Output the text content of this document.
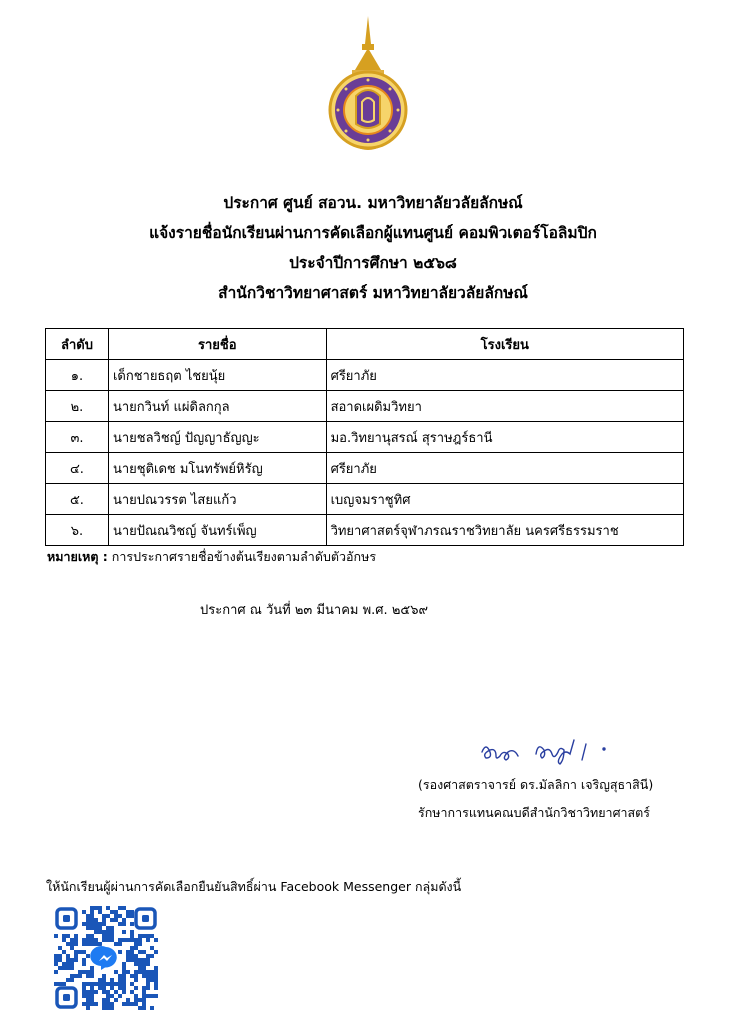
ประกาศ ศูนย์ สอวน. มหาวิทยาลัยวลัยลักษณ์
แจ้งรายชื่อนักเรียนผ่านการคัดเลือกผู้แทนศูนย์ คอมพิวเตอร์โอลิมปิก
ประจำปีการศึกษา ๒๕๖๘
สำนักวิชาวิทยาศาสตร์ มหาวิทยาลัยวลัยลักษณ์
ลำดับ	รายชื่อ	โรงเรียน
๑.	เด็กชายธฤต ไชยนุ้ย	ศรียาภัย
๒.	นายกวินท์ แผ่ดิลกกุล	สอาดเผดิมวิทยา
๓.	นายชลวิชญ์ ปัญญาธัญญะ	มอ.วิทยานุสรณ์ สุราษฎร์ธานี
๔.	นายชุติเดช มโนทรัพย์หิรัญ	ศรียาภัย
๕.	นายปณวรรต ไสยแก้ว	เบญจมราชูทิศ
๖.	นายปัณณวิชญ์ จันทร์เพ็ญ	วิทยาศาสตร์จุฬาภรณราชวิทยาลัย นครศรีธรรมราช
หมายเหตุ : การประกาศรายชื่อข้างต้นเรียงตามลำดับตัวอักษร
ประกาศ ณ วันที่ ๒๓ มีนาคม พ.ศ. ๒๕๖๙
(รองศาสตราจารย์ ดร.มัลลิกา เจริญสุธาสินี)
รักษาการแทนคณบดีสำนักวิชาวิทยาศาสตร์
ให้นักเรียนผู้ผ่านการคัดเลือกยืนยันสิทธิ์ผ่าน Facebook Messenger กลุ่มดังนี้
